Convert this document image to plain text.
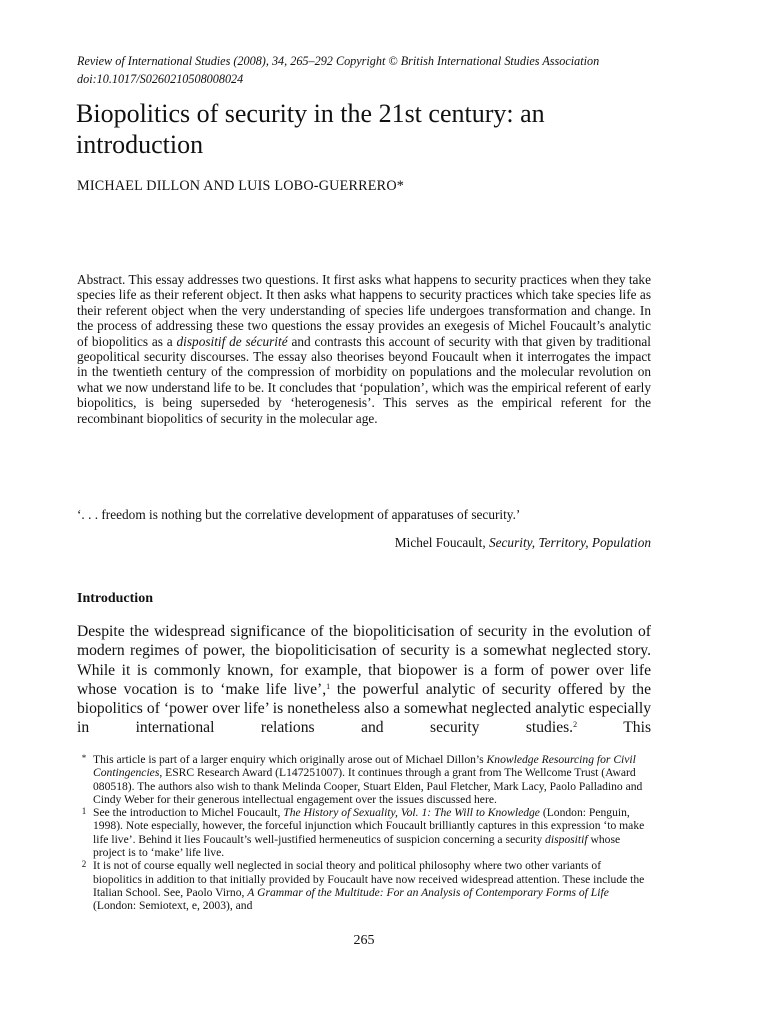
Review of International Studies (2008), 34, 265–292 Copyright © British International Studies Association
doi:10.1017/S0260210508008024
Biopolitics of security in the 21st century: an
introduction
MICHAEL DILLON AND LUIS LOBO-GUERRERO*

Abstract. This essay addresses two questions. It first asks what happens to security practices when they take species life as their referent object. It then asks what happens to security practices which take species life as their referent object when the very understanding of species life undergoes transformation and change. In the process of addressing these two questions the essay provides an exegesis of Michel Foucault’s analytic of biopolitics as a dispositif de sécurité and contrasts this account of security with that given by traditional geopolitical security discourses. The essay also theorises beyond Foucault when it interrogates the impact in the twentieth century of the compression of morbidity on populations and the molecular revolution on what we now understand life to be. It concludes that ‘population’, which was the empirical referent of early biopolitics, is being superseded by ‘heterogenesis’. This serves as the empirical referent for the recombinant biopolitics of security in the molecular age.

‘. . . freedom is nothing but the correlative development of apparatuses of security.’

Michel Foucault, Security, Territory, Population

Introduction

Despite the widespread significance of the biopoliticisation of security in the evolution of modern regimes of power, the biopoliticisation of security is a somewhat neglected story. While it is commonly known, for example, that biopower is a form of power over life whose vocation is to ‘make life live’,$^1$ the powerful analytic of security offered by the biopolitics of ‘power over life’ is nonetheless also a somewhat neglected analytic especially in international relations and security studies.$^2$ This

* This article is part of a larger enquiry which originally arose out of Michael Dillon’s Knowledge Resourcing for Civil Contingencies, ESRC Research Award (L147251007). It continues through a grant from The Wellcome Trust (Award 080518). The authors also wish to thank Melinda Cooper, Stuart Elden, Paul Fletcher, Mark Lacy, Paolo Palladino and Cindy Weber for their generous intellectual engagement over the issues discussed here.
1 See the introduction to Michel Foucault, The History of Sexuality, Vol. 1: The Will to Knowledge (London: Penguin, 1998). Note especially, however, the forceful injunction which Foucault brilliantly captures in this expression ‘to make life live’. Behind it lies Foucault’s well-justified hermeneutics of suspicion concerning a security dispositif whose project is to ‘make’ life live.
2 It is not of course equally well neglected in social theory and political philosophy where two other variants of biopolitics in addition to that initially provided by Foucault have now received widespread attention. These include the Italian School. See, Paolo Virno, A Grammar of the Multitude: For an Analysis of Contemporary Forms of Life (London: Semiotext, e, 2003), and
265
